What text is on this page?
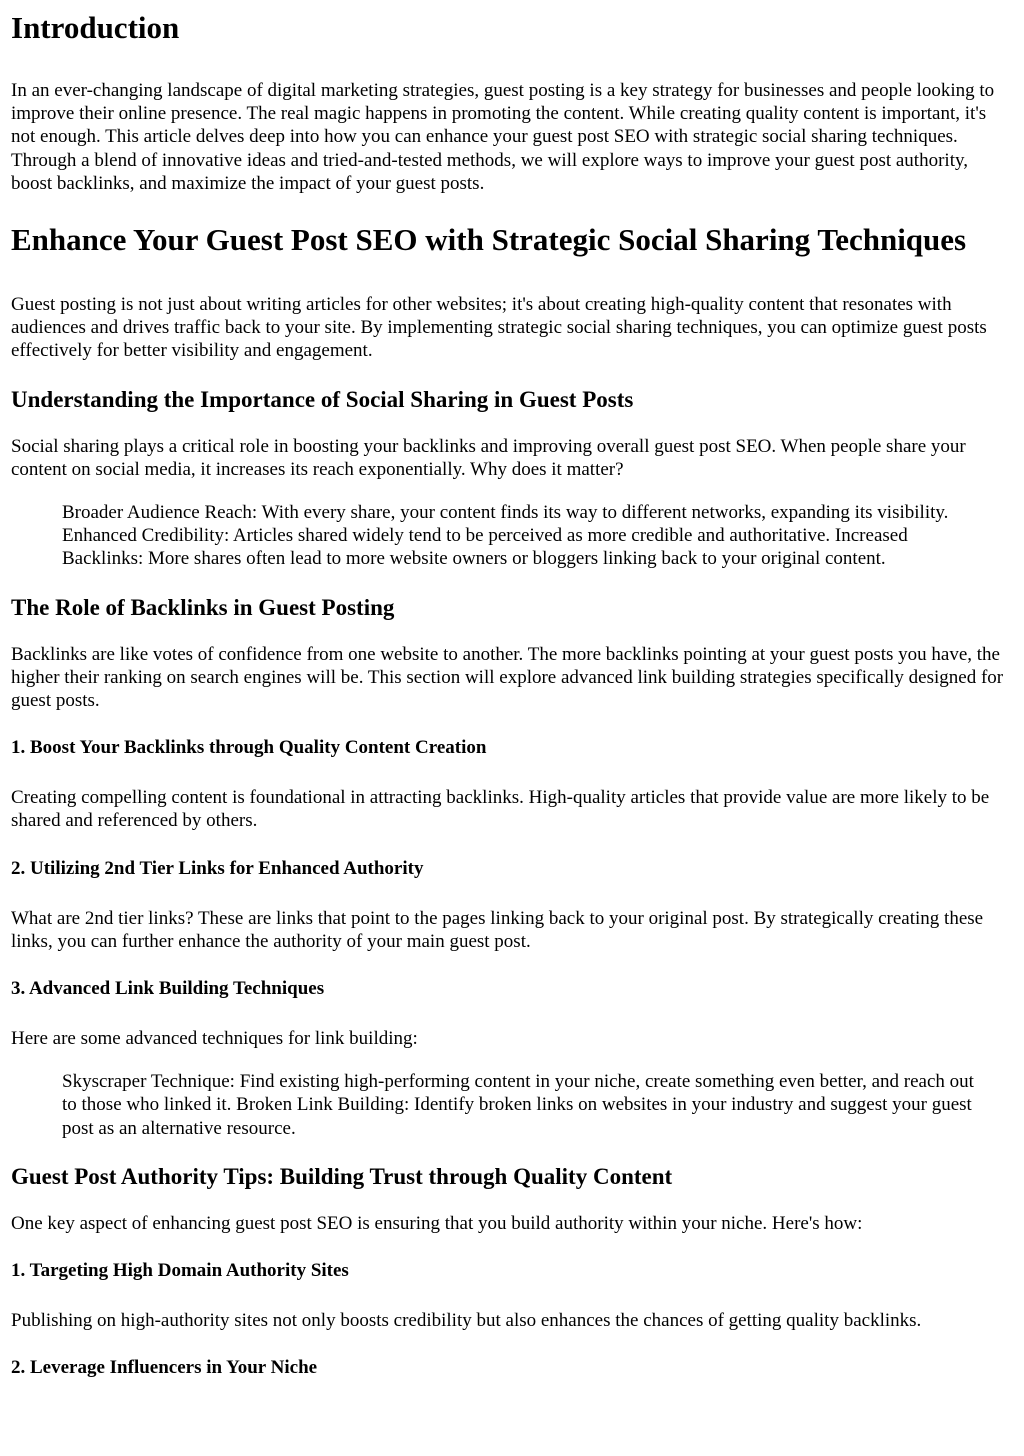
Introduction

In an ever-changing landscape of digital marketing strategies, guest posting is a key strategy for businesses and people looking to improve their online presence. The real magic happens in promoting the content. While creating quality content is important, it's not enough. This article delves deep into how you can enhance your guest post SEO with strategic social sharing techniques. Through a blend of innovative ideas and tried-and-tested methods, we will explore ways to improve your guest post authority, boost backlinks, and maximize the impact of your guest posts.

Enhance Your Guest Post SEO with Strategic Social Sharing Techniques

Guest posting is not just about writing articles for other websites; it's about creating high-quality content that resonates with audiences and drives traffic back to your site. By implementing strategic social sharing techniques, you can optimize guest posts effectively for better visibility and engagement.

Understanding the Importance of Social Sharing in Guest Posts

Social sharing plays a critical role in boosting your backlinks and improving overall guest post SEO. When people share your content on social media, it increases its reach exponentially. Why does it matter?

Broader Audience Reach: With every share, your content finds its way to different networks, expanding its visibility. Enhanced Credibility: Articles shared widely tend to be perceived as more credible and authoritative. Increased Backlinks: More shares often lead to more website owners or bloggers linking back to your original content.
The Role of Backlinks in Guest Posting

Backlinks are like votes of confidence from one website to another. The more backlinks pointing at your guest posts you have, the higher their ranking on search engines will be. This section will explore advanced link building strategies specifically designed for guest posts.

1. Boost Your Backlinks through Quality Content Creation

Creating compelling content is foundational in attracting backlinks. High-quality articles that provide value are more likely to be shared and referenced by others.

2. Utilizing 2nd Tier Links for Enhanced Authority

What are 2nd tier links? These are links that point to the pages linking back to your original post. By strategically creating these links, you can further enhance the authority of your main guest post.

3. Advanced Link Building Techniques

Here are some advanced techniques for link building:

Skyscraper Technique: Find existing high-performing content in your niche, create something even better, and reach out to those who linked it. Broken Link Building: Identify broken links on websites in your industry and suggest your guest post as an alternative resource.
Guest Post Authority Tips: Building Trust through Quality Content

One key aspect of enhancing guest post SEO is ensuring that you build authority within your niche. Here's how:

1. Targeting High Domain Authority Sites

Publishing on high-authority sites not only boosts credibility but also enhances the chances of getting quality backlinks.

2. Leverage Influencers in Your Niche
